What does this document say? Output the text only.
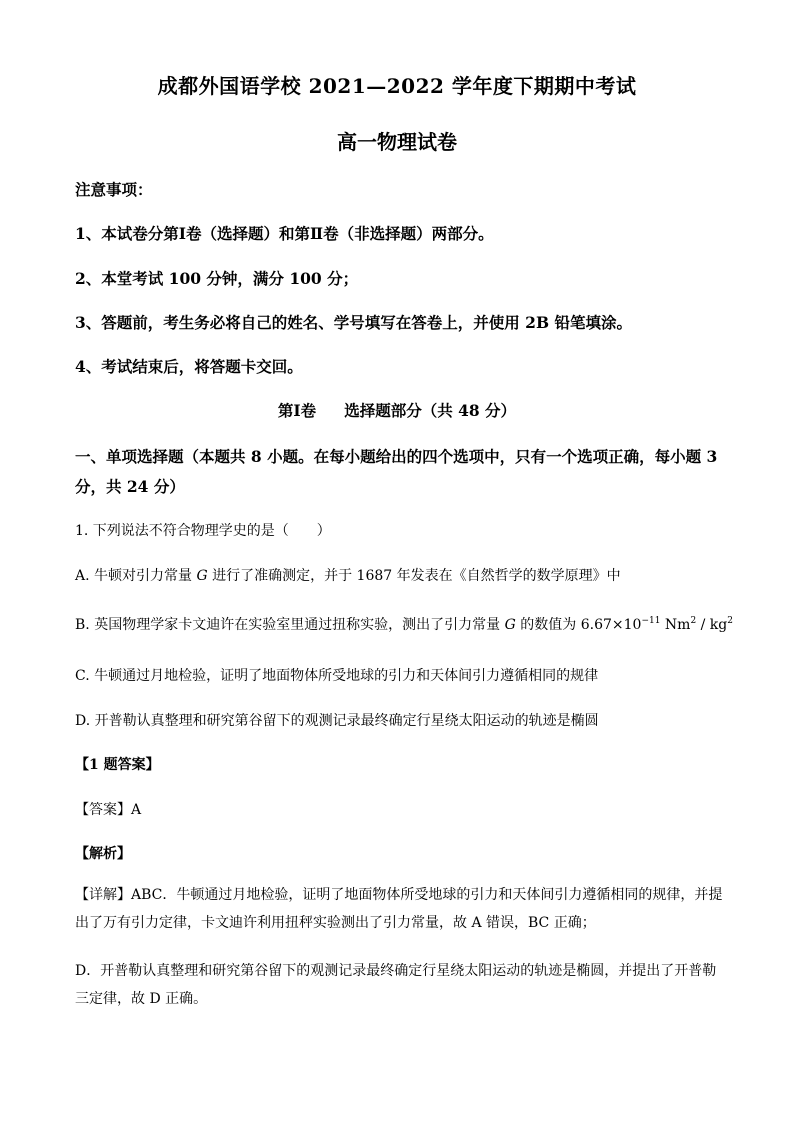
成都外国语学校 2021—2022 学年度下期期中考试
高一物理试卷
注意事项：
1、本试卷分第Ⅰ卷（选择题）和第Ⅱ卷（非选择题）两部分。
2、本堂考试 100 分钟，满分 100 分；
3、答题前，考生务必将自己的姓名、学号填写在答卷上，并使用 2B 铅笔填涂。
4、考试结束后，将答题卡交回。
第Ⅰ卷 选择题部分（共 48 分）
一、单项选择题（本题共 8 小题。在每小题给出的四个选项中，只有一个选项正确，每小题 3
分，共 24 分）
1. 下列说法不符合物理学史的是（　　）
A. 牛顿对引力常量 G 进行了准确测定，并于 1687 年发表在《自然哲学的数学原理》中
B. 英国物理学家卡文迪许在实验室里通过扭称实验，测出了引力常量 G 的数值为 $6.67\times 10^{-11}$ $Nm^2 / kg^2$
C. 牛顿通过月地检验，证明了地面物体所受地球的引力和天体间引力遵循相同的规律
D. 开普勒认真整理和研究第谷留下的观测记录最终确定行星绕太阳运动的轨迹是椭圆
【1 题答案】
【答案】A
【解析】
【详解】ABC．牛顿通过月地检验，证明了地面物体所受地球的引力和天体间引力遵循相同的规律，并提出了万有引力定律，卡文迪许利用扭秤实验测出了引力常量，故 A 错误，BC 正确；
D．开普勒认真整理和研究第谷留下的观测记录最终确定行星绕太阳运动的轨迹是椭圆，并提出了开普勒三定律，故 D 正确。
